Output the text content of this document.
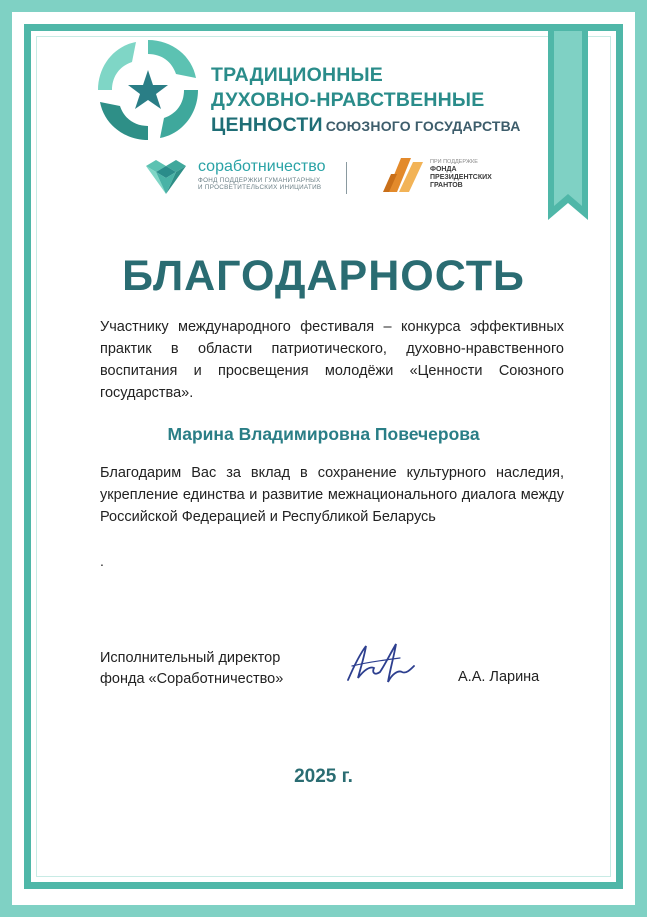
ТРАДИЦИОННЫЕ
ДУХОВНО-НРАВСТВЕННЫЕ
ЦЕННОСТИ СОЮЗНОГО ГОСУДАРСТВА
соработничество
ФОНД ПОДДЕРЖКИ ГУМАНИТАРНЫХ И ПРОСВЕТИТЕЛЬСКИХ ИНИЦИАТИВ
ПРИ ПОДДЕРЖКЕ
ФОНДА ПРЕЗИДЕНТСКИХ ГРАНТОВ
БЛАГОДАРНОСТЬ
Участнику международного фестиваля – конкурса эффективных практик в области патриотического, духовно-нравственного воспитания и просвещения молодёжи «Ценности Союзного государства».
Марина Владимировна Повечерова
Благодарим Вас за вклад в сохранение культурного наследия, укрепление единства и развитие межнационального диалога между Российской Федерацией и Республикой Беларусь
.
Исполнительный директор
фонда «Соработничество»	А.А. Ларина
2025 г.
